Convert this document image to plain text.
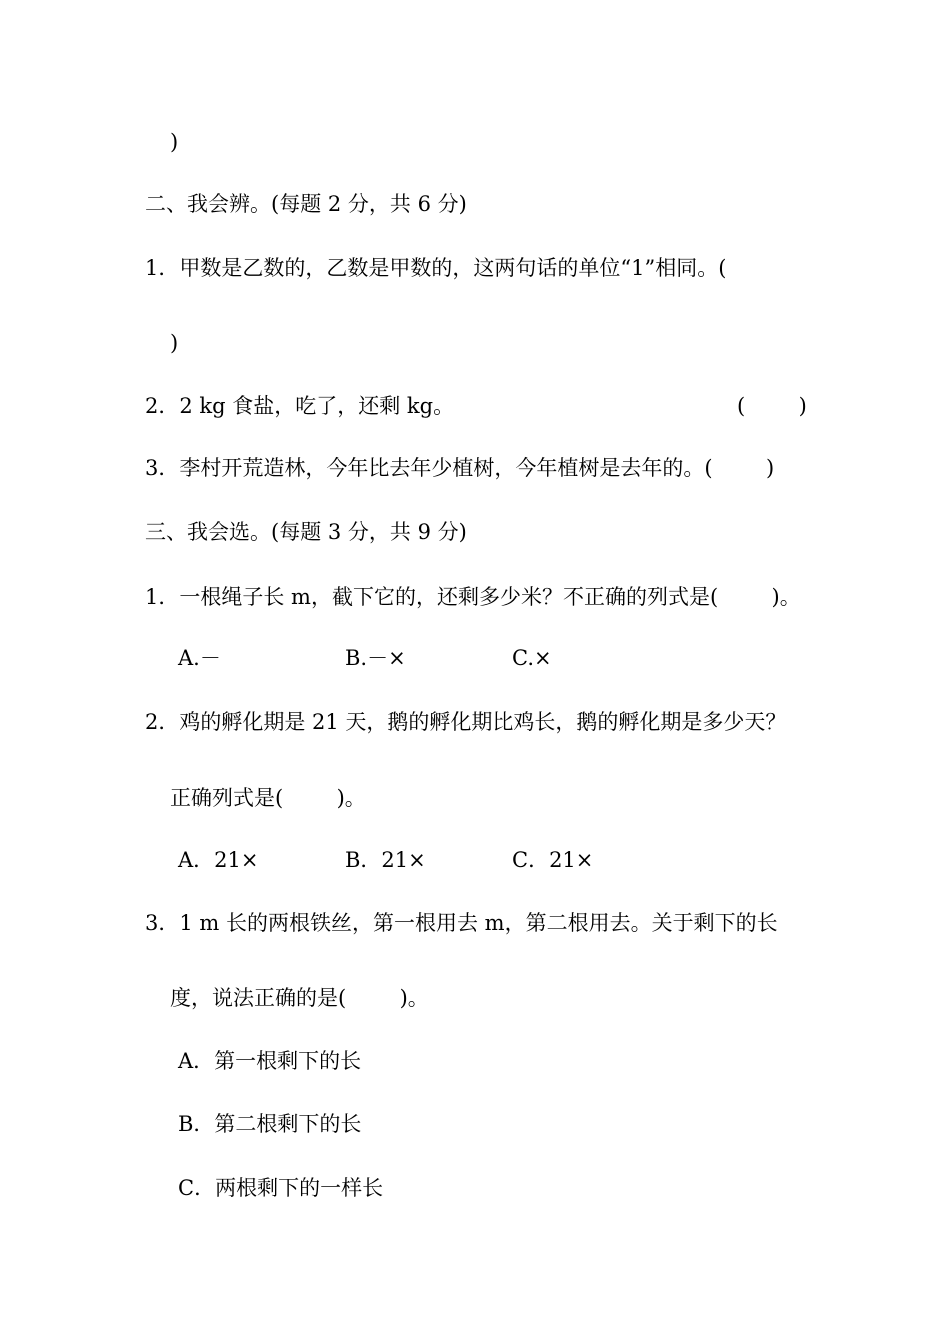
)
二、我会辨。(每题 2 分，共 6 分)
1．甲数是乙数的，乙数是甲数的，这两句话的单位“1”相同。(
)
2．2 kg 食盐，吃了，还剩 kg。	(        )
3．李村开荒造林，今年比去年少植树，今年植树是去年的。(        )
三、我会选。(每题 3 分，共 9 分)
1．一根绳子长 m，截下它的，还剩多少米？不正确的列式是(        )。
A.－	B.－×	C.×
2．鸡的孵化期是 21 天，鹅的孵化期比鸡长，鹅的孵化期是多少天？
正确列式是(        )。
A．21×	B．21×	C．21×
3．1 m 长的两根铁丝，第一根用去 m，第二根用去。关于剩下的长
度，说法正确的是(        )。
A．第一根剩下的长
B．第二根剩下的长
C．两根剩下的一样长
